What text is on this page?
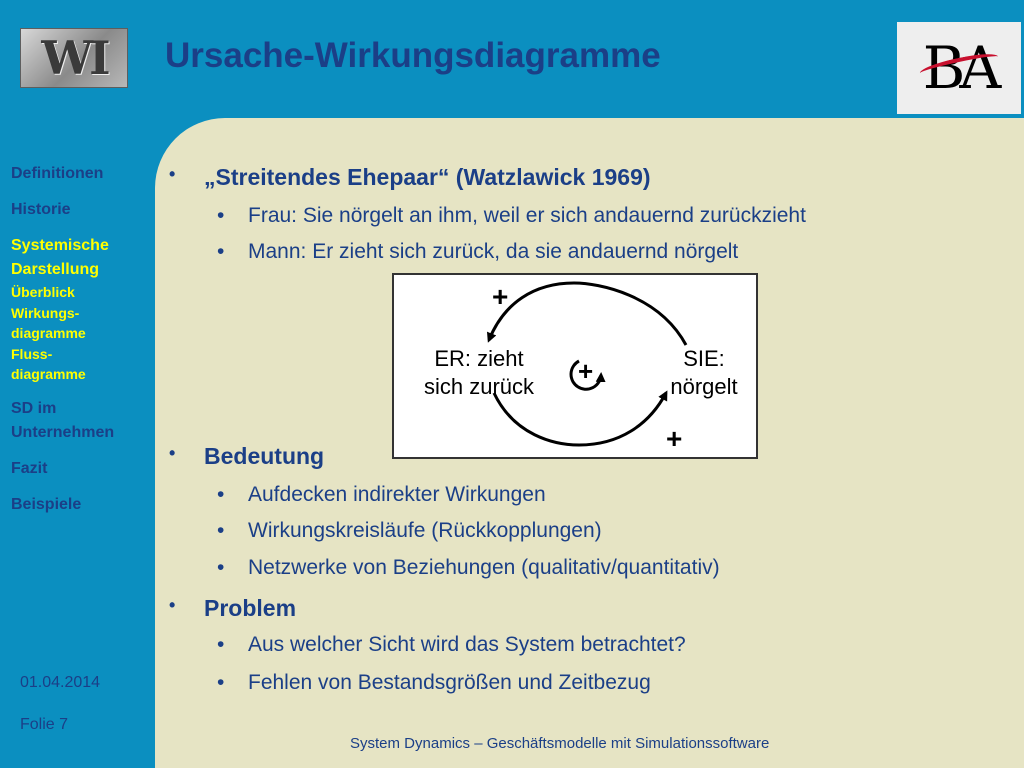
WI Ursache-Wirkungsdiagramme	BA
Definitionen
Historie
Systemische Darstellung
Überblick
Wirkungs-diagramme
Fluss-diagramme
SD im Unternehmen
Fazit
Beispiele
01.04.2014
Folie 7
System Dynamics – Geschäftsmodelle mit Simulationssoftware
• „Streitendes Ehepaar“ (Watzlawick 1969)
• Frau: Sie nörgelt an ihm, weil er sich andauernd zurückzieht
• Mann: Er zieht sich zurück, da sie andauernd nörgelt
ER: zieht
sich zurück
SIE:
nörgelt
+
+
+
• Bedeutung
• Aufdecken indirekter Wirkungen
• Wirkungskreisläufe (Rückkopplungen)
• Netzwerke von Beziehungen (qualitativ/quantitativ)
• Problem
• Aus welcher Sicht wird das System betrachtet?
• Fehlen von Bestandsgrößen und Zeitbezug
